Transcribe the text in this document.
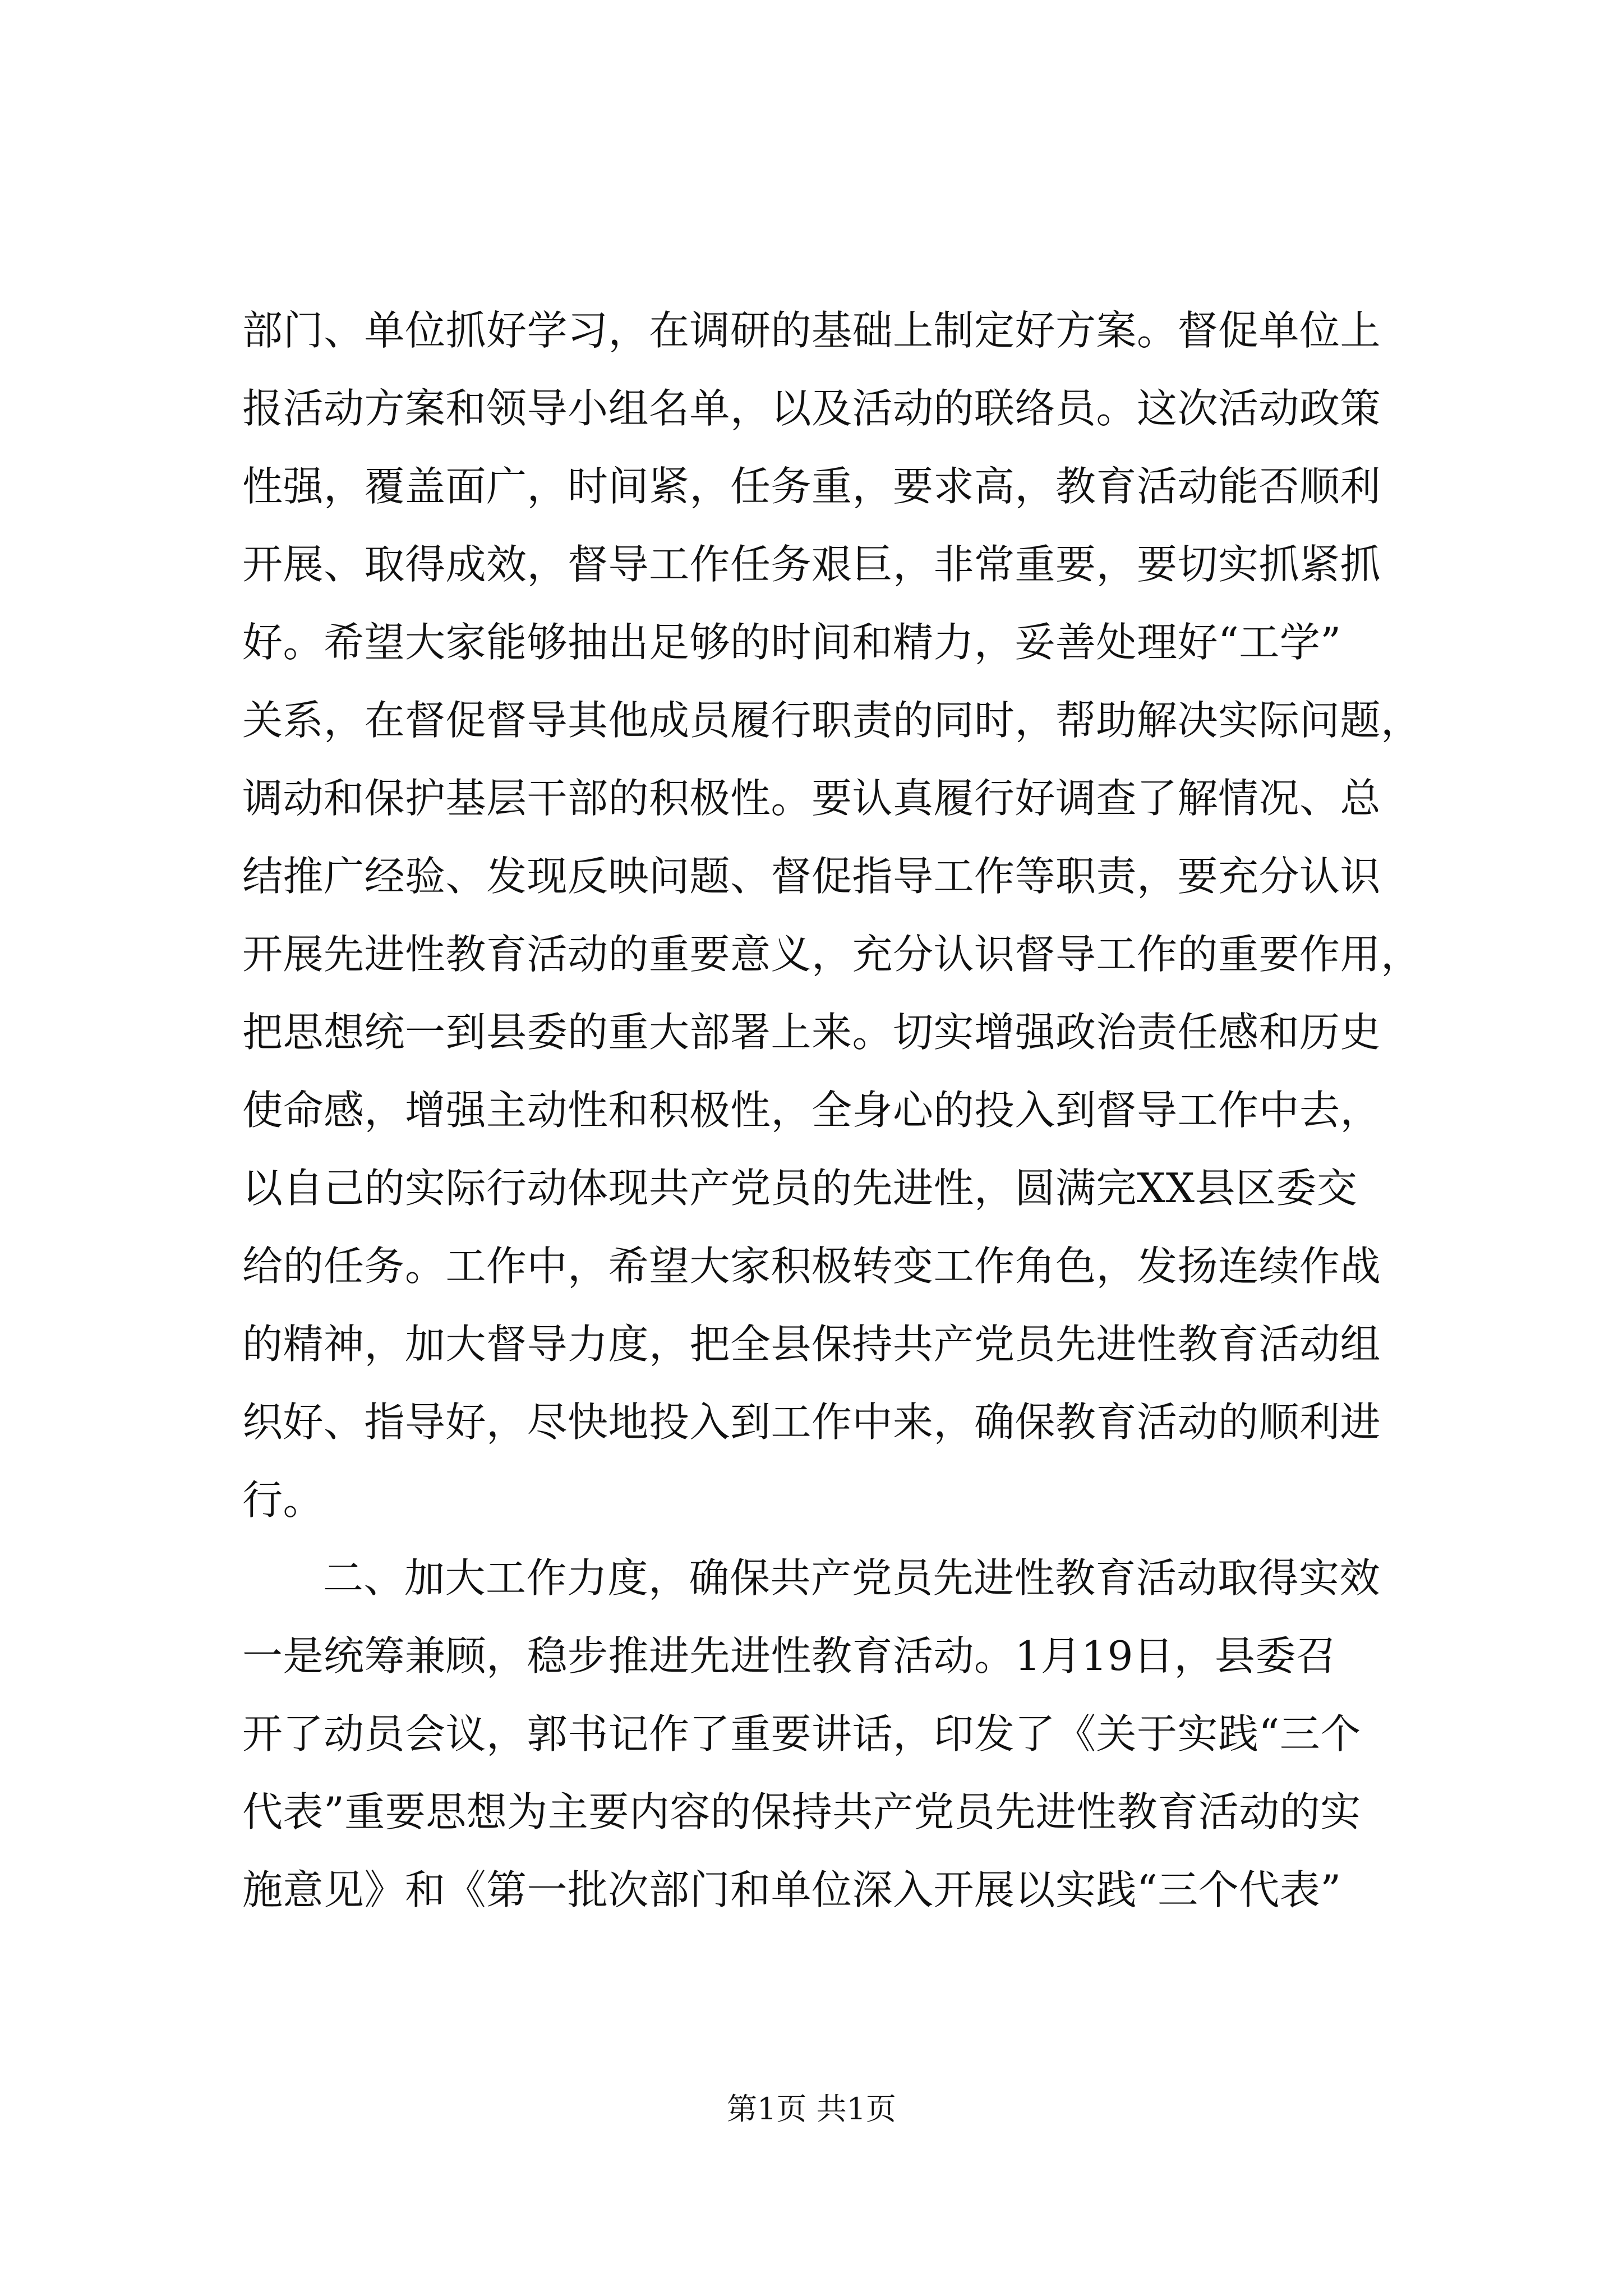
部门、单位抓好学习，在调研的基础上制定好方案。督促单位上
报活动方案和领导小组名单，以及活动的联络员。这次活动政策
性强，覆盖面广，时间紧，任务重，要求高，教育活动能否顺利
开展、取得成效，督导工作任务艰巨，非常重要，要切实抓紧抓
好。希望大家能够抽出足够的时间和精力，妥善处理好“工学”
关系，在督促督导其他成员履行职责的同时，帮助解决实际问题，
调动和保护基层干部的积极性。要认真履行好调查了解情况、总
结推广经验、发现反映问题、督促指导工作等职责，要充分认识
开展先进性教育活动的重要意义，充分认识督导工作的重要作用，
把思想统一到县委的重大部署上来。切实增强政治责任感和历史
使命感，增强主动性和积极性，全身心的投入到督导工作中去，
以自己的实际行动体现共产党员的先进性，圆满完XX县区委交
给的任务。工作中，希望大家积极转变工作角色，发扬连续作战
的精神，加大督导力度，把全县保持共产党员先进性教育活动组
织好、指导好，尽快地投入到工作中来，确保教育活动的顺利进
行。
二、加大工作力度，确保共产党员先进性教育活动取得实效
一是统筹兼顾，稳步推进先进性教育活动。1月19日，县委召
开了动员会议，郭书记作了重要讲话，印发了《关于实践“三个
代表”重要思想为主要内容的保持共产党员先进性教育活动的实
施意见》和《第一批次部门和单位深入开展以实践“三个代表”
第1页 共1页
